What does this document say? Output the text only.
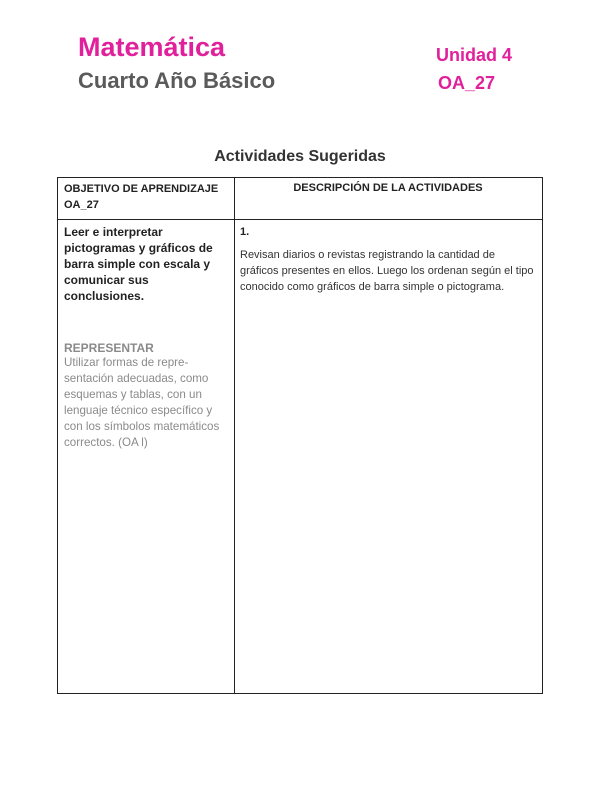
Matemática
Cuarto Año Básico
Unidad 4
OA_27
Actividades Sugeridas
OBJETIVO DE APRENDIZAJE OA_27
DESCRIPCIÓN DE LA ACTIVIDADES
Leer e interpretar pictogramas y gráficos de barra simple con escala y comunicar sus conclusiones.
REPRESENTAR
Utilizar formas de repre-sentación adecuadas, como esquemas y tablas, con un lenguaje técnico específico y con los símbolos matemáticos correctos. (OA l)
1.
Revisan diarios o revistas registrando la cantidad de gráficos presentes en ellos. Luego los ordenan según el tipo conocido como gráficos de barra simple o pictograma.
